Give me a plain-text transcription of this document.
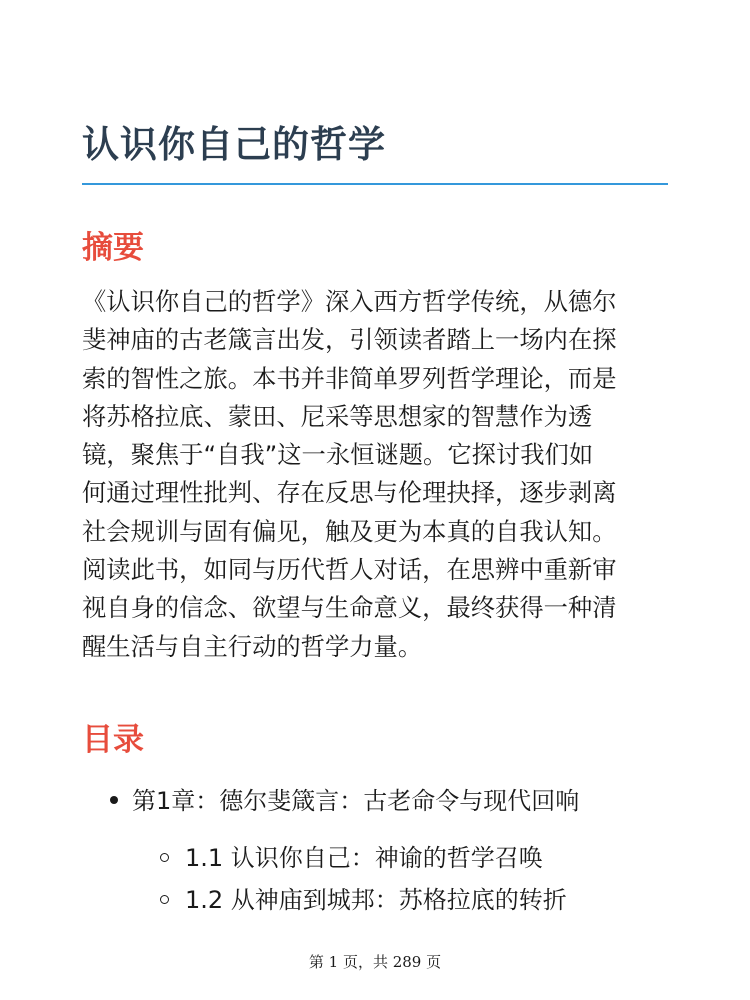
认识你自己的哲学
摘要

《认识你自己的哲学》深入西方哲学传统，从德尔
斐神庙的古老箴言出发，引领读者踏上一场内在探
索的智性之旅。本书并非简单罗列哲学理论，而是
将苏格拉底、蒙田、尼采等思想家的智慧作为透
镜，聚焦于“自我”这一永恒谜题。它探讨我们如
何通过理性批判、存在反思与伦理抉择，逐步剥离
社会规训与固有偏见，触及更为本真的自我认知。
阅读此书，如同与历代哲人对话，在思辨中重新审
视自身的信念、欲望与生命意义，最终获得一种清
醒生活与自主行动的哲学力量。

目录
第1章：德尔斐箴言：古老命令与现代回响
1.1 认识你自己：神谕的哲学召唤
1.2 从神庙到城邦：苏格拉底的转折
第 1 页，共 289 页
